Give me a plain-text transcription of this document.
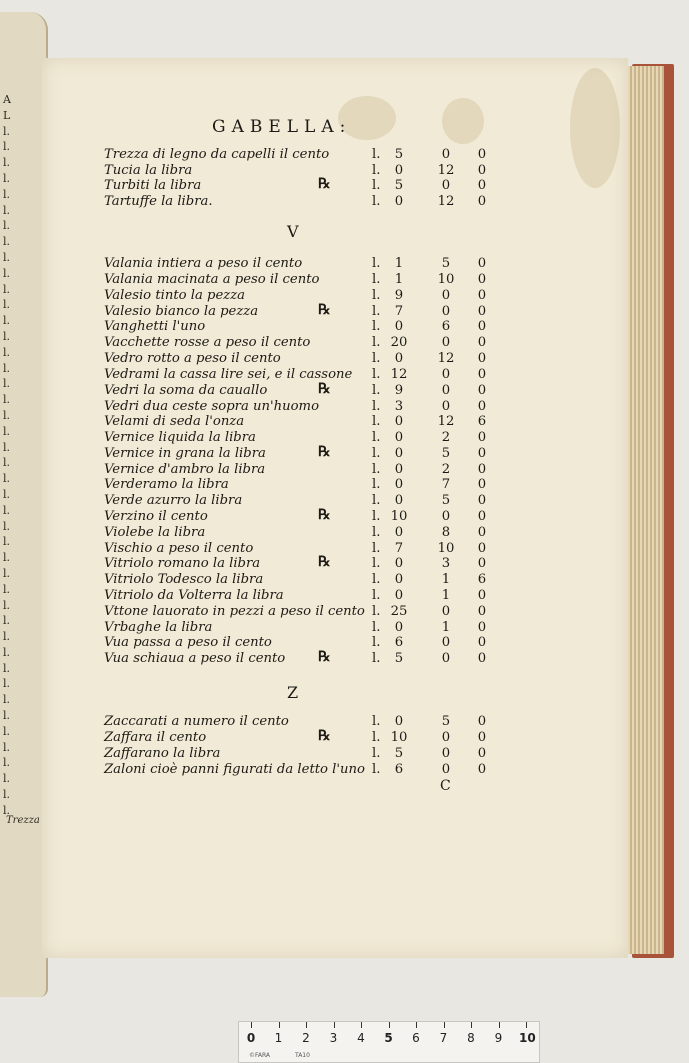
A
L
l.
l.
l.
l.
l.
l.
l.
l.
l.
l.
l.
l.
l.
l.
l.
l.
l.
l.
l.
l.
l.
l.
l.
l.
l.
l.
l.
l.
l.
l.
l.
l.
l.
l.
l.
l.
l.
l.
l.
l.
l.
l.
l.
l.
Trezza
GABELLA:
V
Z
Trezza di legno da capelli il cento	l.	5	0	0
Tucia la libra	l.	0	12	0
Turbiti la libra	l.	5	0	0
℞
Tartuffe la libra.	l.	0	12	0
Valania intiera a peso il cento	l.	1	5	0
Valania macinata a peso il cento	l.	1	10	0
Valesio tinto la pezza	l.	9	0	0
Valesio bianco la pezza	l.	7	0	0
℞
Vanghetti l'uno	l.	0	6	0
Vacchette rosse a peso il cento	l. 20	0	0
Vedro rotto a peso il cento	l.	0	12	0
Vedrami la cassa lire sei, e il cassone l. 12	0	0
Vedri la soma da cauallo	l.	9	0	0
℞
Vedri dua ceste sopra un'huomo	l.	3	0	0
Velami di seda l'onza	l.	0	12	6
Vernice liquida la libra	l.	0	2	0
Vernice in grana la libra	l.	0	5	0
℞
Vernice d'ambro la libra	l.	0	2	0
Verderamo la libra	l.	0	7	0
Verde azurro la libra	l.	0	5	0
Verzino il cento	l. 10	0	0
℞
Violebe la libra	l.	0	8	0
Vischio a peso il cento	l.	7	10	0
Vitriolo romano la libra	l.	0	3	0
℞
Vitriolo Todesco la libra	l.	0	1	6
Vitriolo da Volterra la libra	l.	0	1	0
Vttone lauorato in pezzi a peso il cento l. 25	0	0
Vrbaghe la libra	l.	0	1	0
Vua passa a peso il cento	l.	6	0	0
Vua schiaua a peso il cento	l.	5	0	0
℞
Zaccarati a numero il cento	l.	0	5	0
Zaffara il cento	l. 10	0	0
℞
Zaffarano la libra	l.	5	0	0
Zaloni cioè panni figurati da letto l'uno l.	6	0	0
C
0 1 2 3 4 5 6 7 8 9 10
©FARA	TA10
